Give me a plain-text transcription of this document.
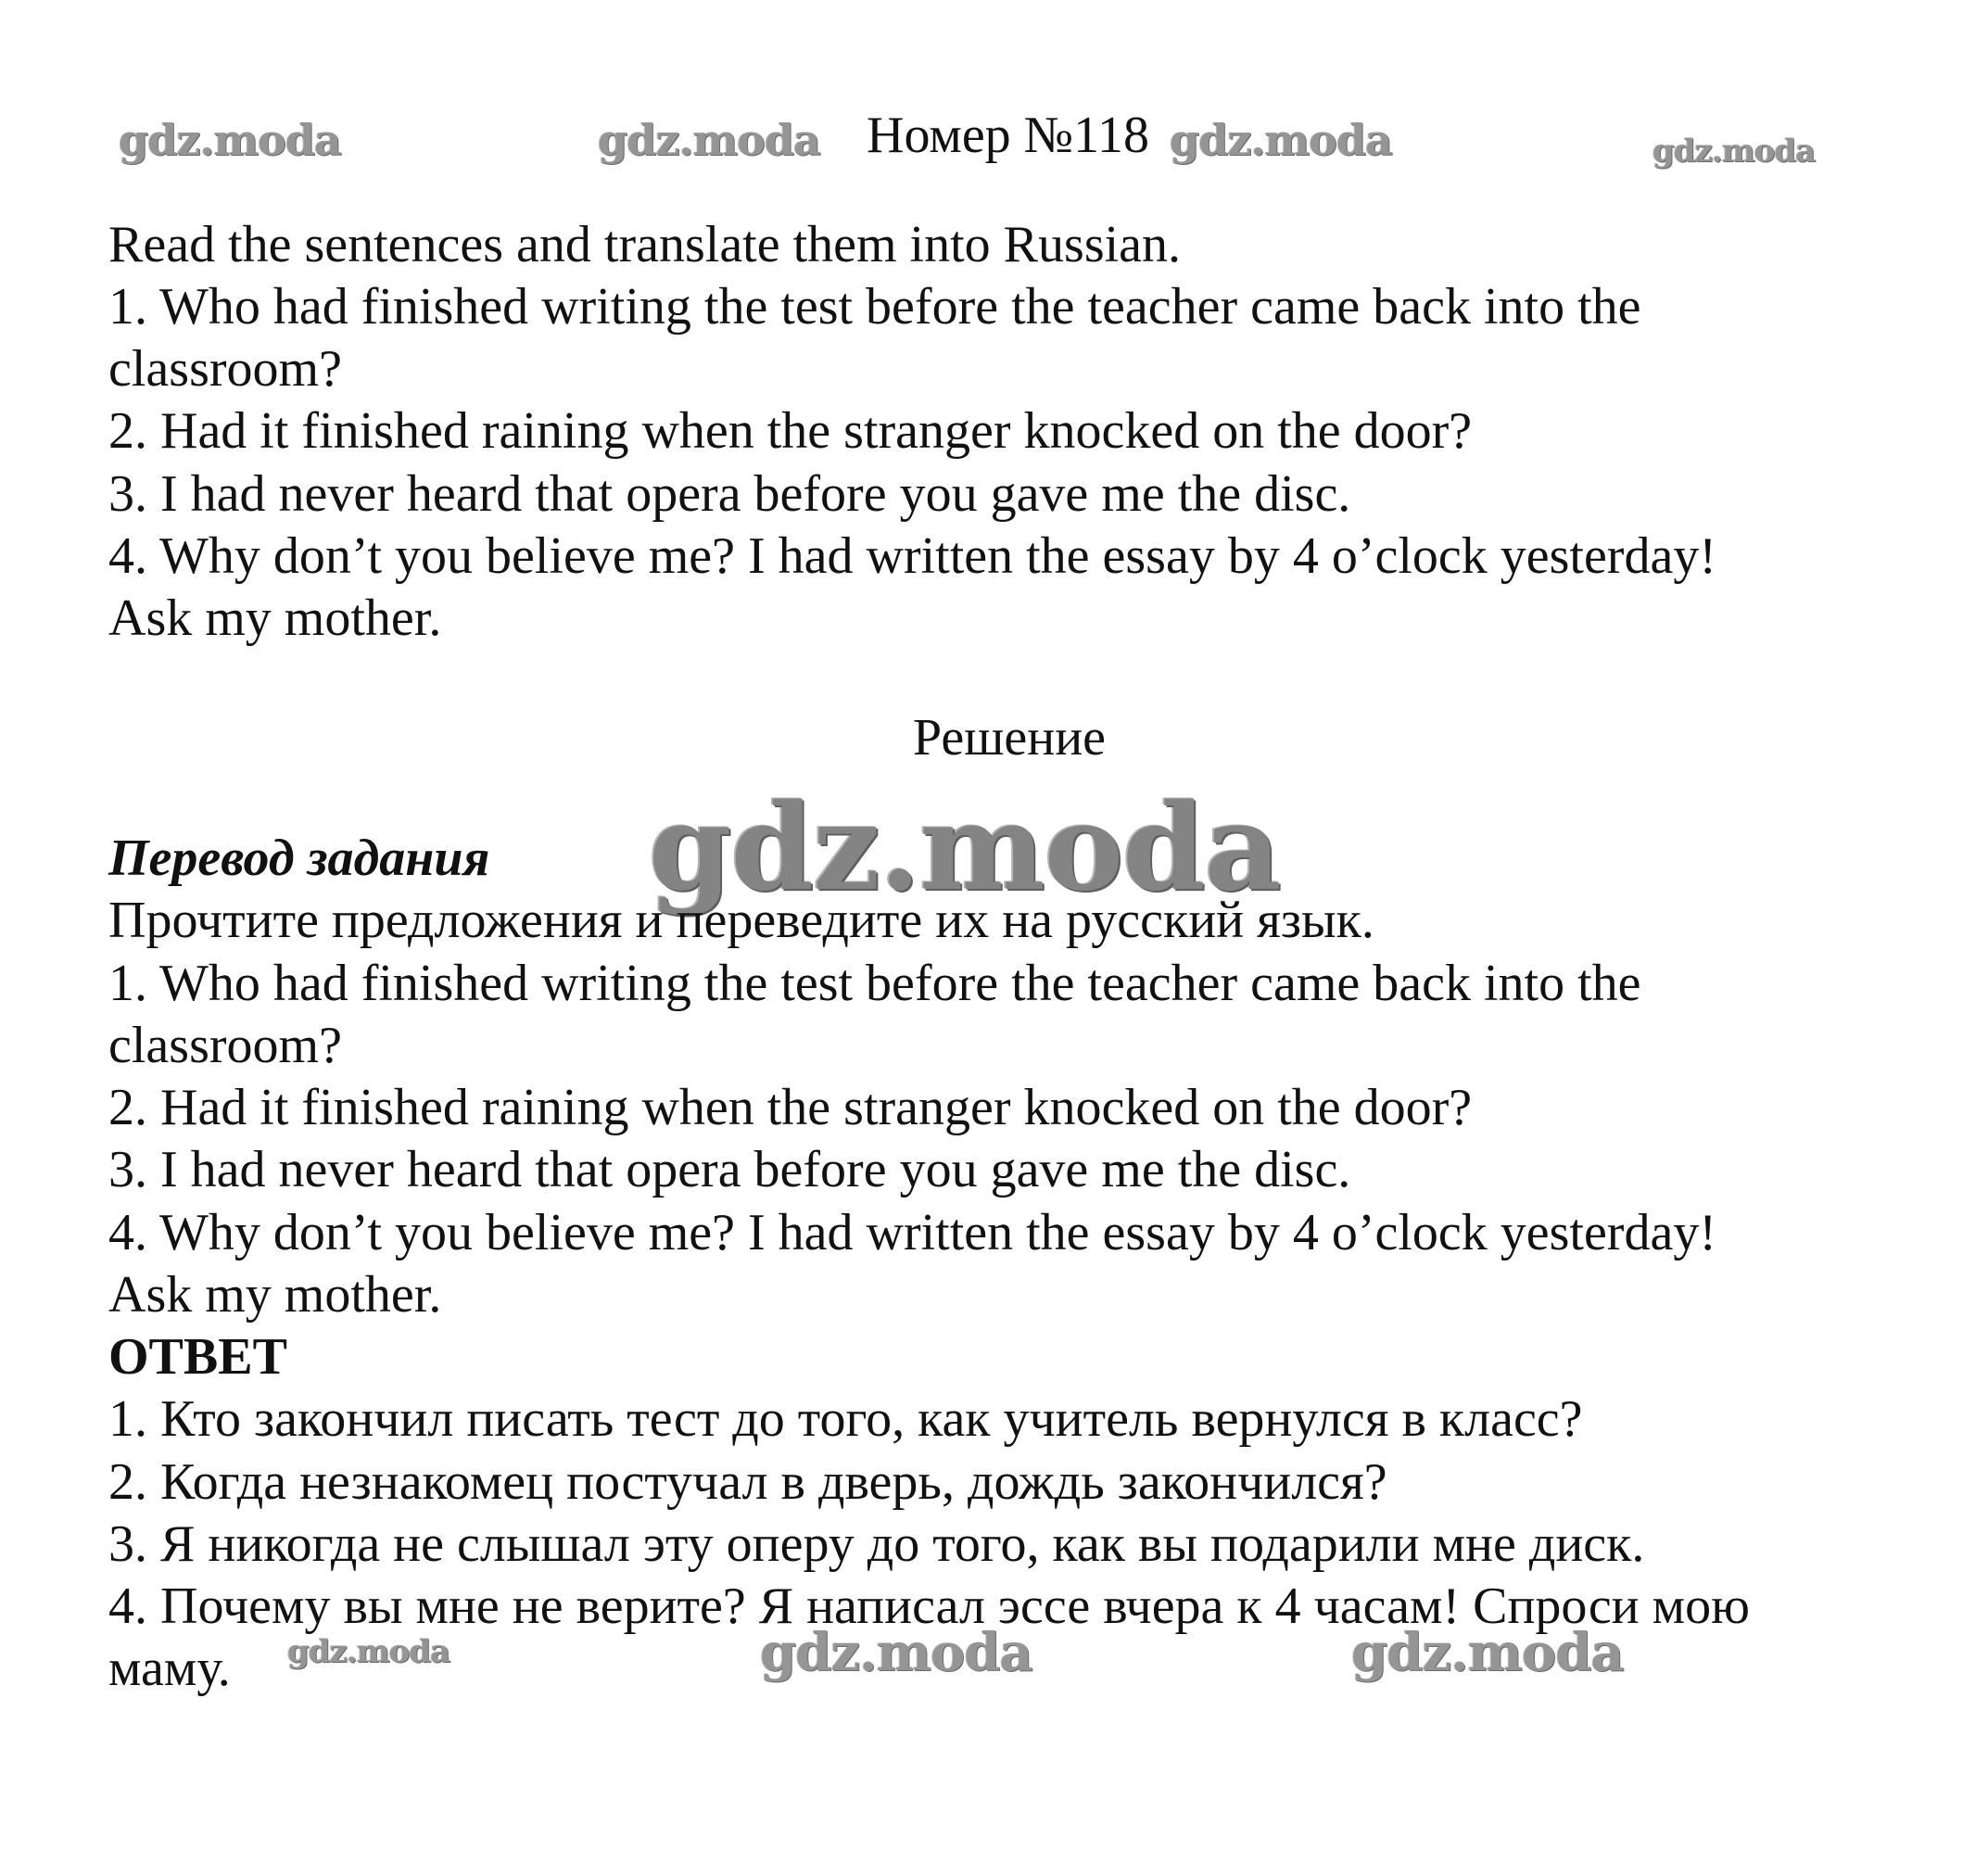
Номер №118
gdz.moda	gdz.moda	gdz.moda	gdz.moda
Read the sentences and translate them into Russian.
1. Who had finished writing the test before the teacher came back into the
classroom?
2. Had it finished raining when the stranger knocked on the door?
3. I had never heard that opera before you gave me the disc.
4. Why don’t you believe me? I had written the essay by 4 o’clock yesterday!
Ask my mother.
Решение
gdz.moda
Перевод задания
Прочтите предложения и переведите их на русский язык.
1. Who had finished writing the test before the teacher came back into the
classroom?
2. Had it finished raining when the stranger knocked on the door?
3. I had never heard that opera before you gave me the disc.
4. Why don’t you believe me? I had written the essay by 4 o’clock yesterday!
Ask my mother.
ОТВЕТ
1. Кто закончил писать тест до того, как учитель вернулся в класс?
2. Когда незнакомец постучал в дверь, дождь закончился?
3. Я никогда не слышал эту оперу до того, как вы подарили мне диск.
4. Почему вы мне не верите? Я написал эссе вчера к 4 часам! Спроси мою
маму. gdz.moda	gdz.moda	gdz.moda
